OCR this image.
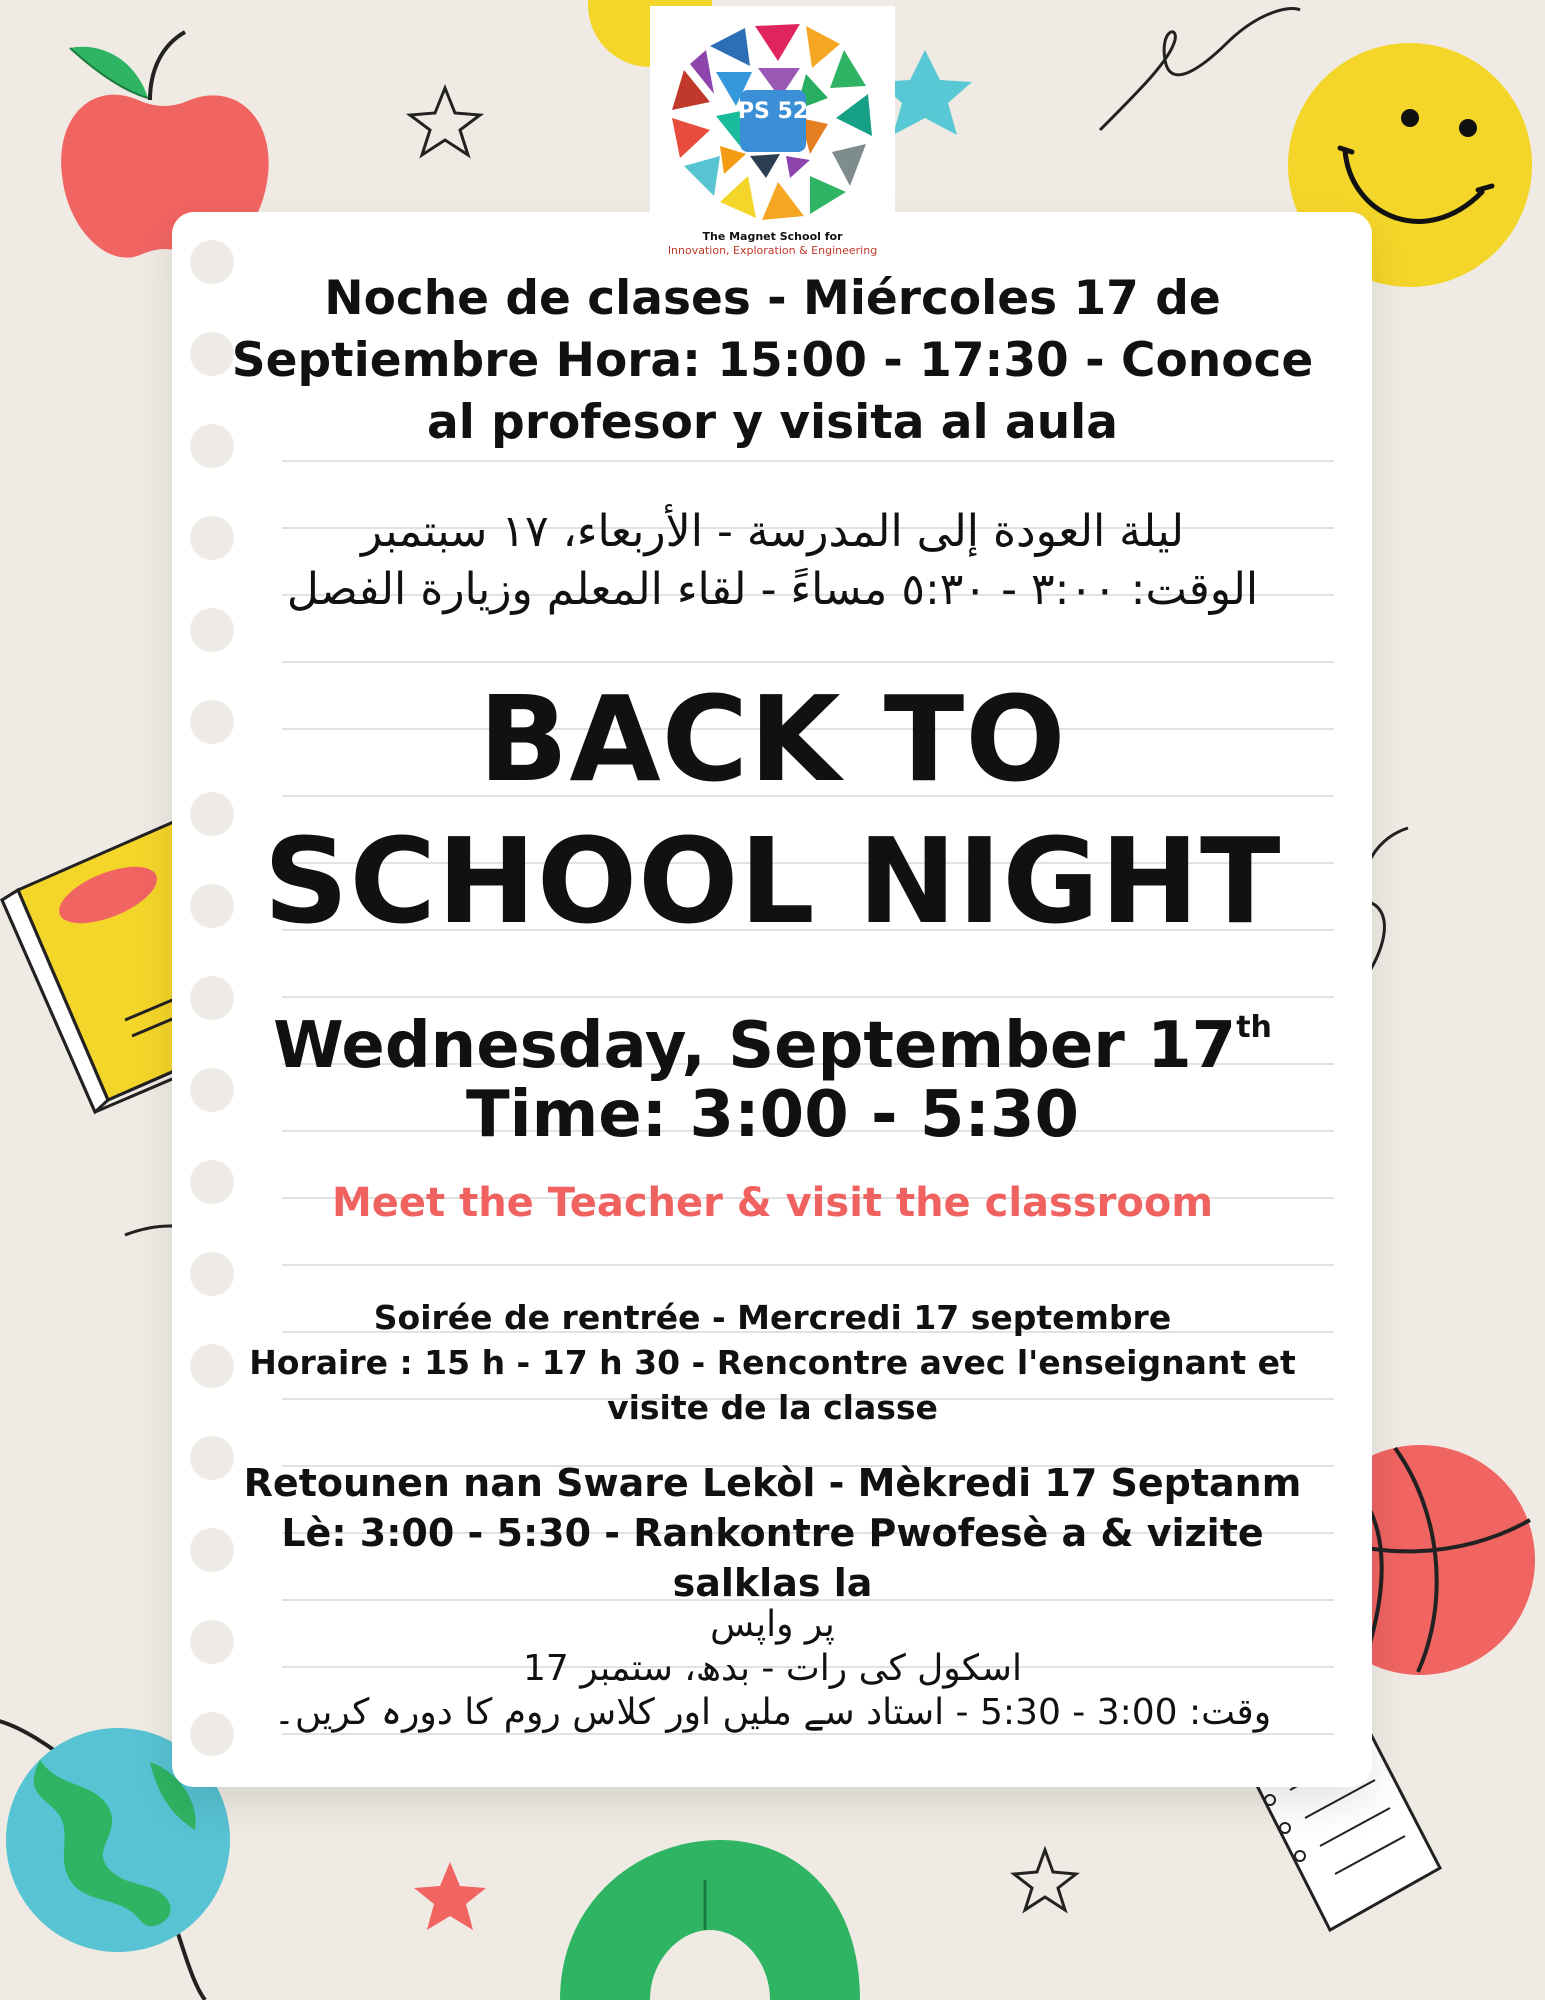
PS 52
The Magnet School for
Innovation, Exploration & Engineering
Noche de clases - Miércoles 17 de
Septiembre Hora: 15:00 - 17:30 - Conoce
al profesor y visita al aula
ليلة العودة إلى المدرسة - الأربعاء، ١٧ سبتمبر
الوقت: ٣:٠٠ - ٥:٣٠ مساءً - لقاء المعلم وزيارة الفصل
BACK TO
SCHOOL NIGHT
Wednesday, September 17th
Time: 3:00 - 5:30
Meet the Teacher & visit the classroom
Soirée de rentrée - Mercredi 17 septembre
Horaire : 15 h - 17 h 30 - Rencontre avec l'enseignant et
visite de la classe
Retounen nan Sware Lekòl - Mèkredi 17 Septanm
Lè: 3:00 - 5:30 - Rankontre Pwofesè a & vizite
salklas la
پر واپس
اسکول کی رات - بدھ، ستمبر 17
وقت: 3:00 - 5:30 - استاد سے ملیں اور کلاس روم کا دورہ کریں۔
